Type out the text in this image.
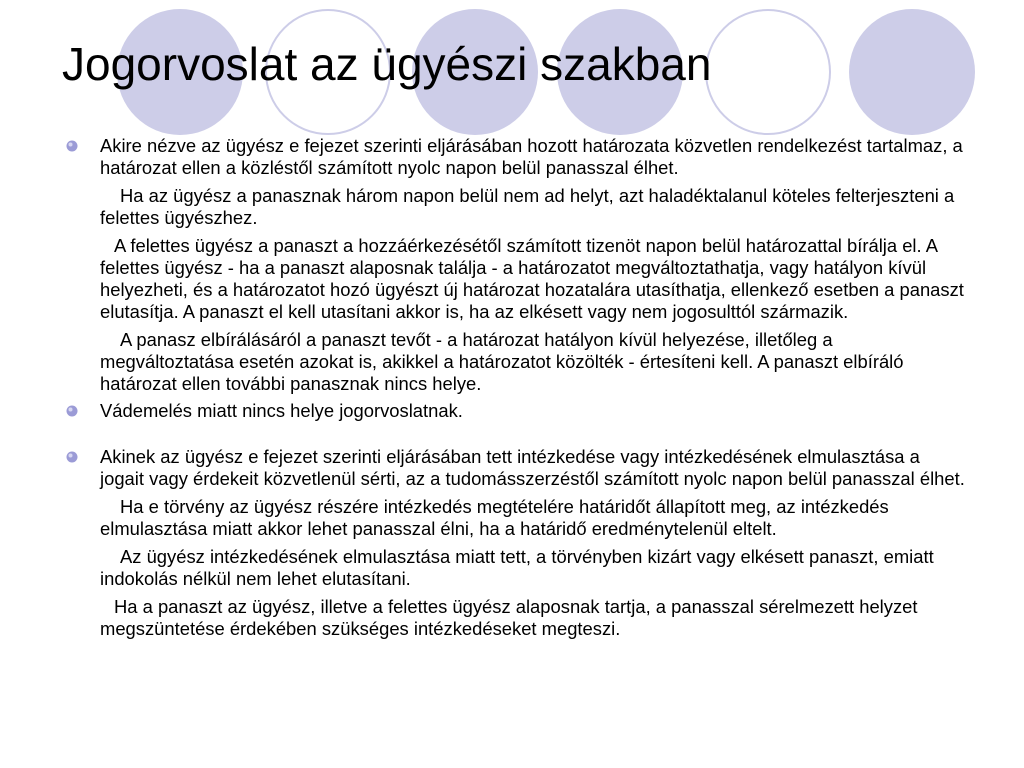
Jogorvoslat az ügyészi szakban

Akire nézve az ügyész e fejezet szerinti eljárásában hozott határozata közvetlen rendelkezést tartalmaz, a határozat ellen a közléstől számított nyolc napon belül panasszal élhet.

Ha az ügyész a panasznak három napon belül nem ad helyt, azt haladéktalanul köteles felterjeszteni a felettes ügyészhez.

A felettes ügyész a panaszt a hozzáérkezésétől számított tizenöt napon belül határozattal bírálja el. A felettes ügyész - ha a panaszt alaposnak találja - a határozatot megváltoztathatja, vagy hatályon kívül helyezheti, és a határozatot hozó ügyészt új határozat hozatalára utasíthatja, ellenkező esetben a panaszt elutasítja. A panaszt el kell utasítani akkor is, ha az elkésett vagy nem jogosulttól származik.

A panasz elbírálásáról a panaszt tevőt - a határozat hatályon kívül helyezése, illetőleg a megváltoztatása esetén azokat is, akikkel a határozatot közölték - értesíteni kell. A panaszt elbíráló határozat ellen további panasznak nincs helye.

Vádemelés miatt nincs helye jogorvoslatnak.

Akinek az ügyész e fejezet szerinti eljárásában tett intézkedése vagy intézkedésének elmulasztása a jogait vagy érdekeit közvetlenül sérti, az a tudomásszerzéstől számított nyolc napon belül panasszal élhet.

Ha e törvény az ügyész részére intézkedés megtételére határidőt állapított meg, az intézkedés elmulasztása miatt akkor lehet panasszal élni, ha a határidő eredménytelenül eltelt.

Az ügyész intézkedésének elmulasztása miatt tett, a törvényben kizárt vagy elkésett panaszt, emiatt indokolás nélkül nem lehet elutasítani.

Ha a panaszt az ügyész, illetve a felettes ügyész alaposnak tartja, a panasszal sérelmezett helyzet megszüntetése érdekében szükséges intézkedéseket megteszi.
